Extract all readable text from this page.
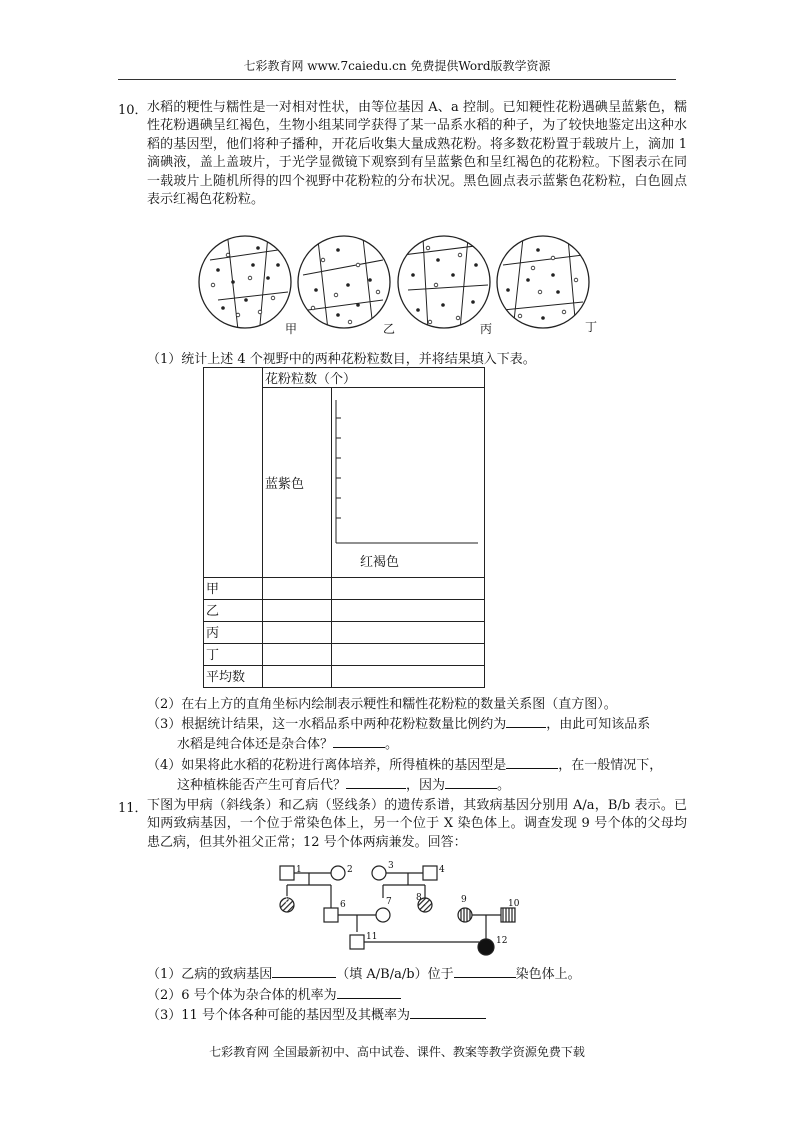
七彩教育网 www.7caiedu.cn 免费提供Word版教学资源
10． 水稻的粳性与糯性是一对相对性状，由等位基因 A、a 控制。已知粳性花粉遇碘呈蓝紫色，糯性花粉遇碘呈红褐色，生物小组某同学获得了某一品系水稻的种子，为了较快地鉴定出这种水稻的基因型，他们将种子播种，开花后收集大量成熟花粉。将多数花粉置于载玻片上，滴加 1 滴碘液，盖上盖玻片，于光学显微镜下观察到有呈蓝紫色和呈红褐色的花粉粒。下图表示在同一载玻片上随机所得的四个视野中花粉粒的分布状况。黑色圆点表示蓝紫色花粉粒，白色圆点表示红褐色花粉粒。
甲	乙	丙	丁
（1）统计上述 4 个视野中的两种花粉粒数目，并将结果填入下表。
	花粉粒数（个）	
	蓝紫色	红褐色

甲		
乙		
丙		
丁		
平均数		
（2）在右上方的直角坐标内绘制表示粳性和糯性花粉粒的数量关系图（直方图）。
（3）根据统计结果，这一水稻品系中两种花粉粒数量比例约为	，由此可知该品系
水稻是纯合体还是杂合体？	。
（4）如果将此水稻的花粉进行离体培养，所得植株的基因型是	，在一般情况下，
这种植株能否产生可育后代？	，因为	。
11． 下图为甲病（斜线条）和乙病（竖线条）的遗传系谱，其致病基因分别用 A/a，B/b 表示。已知两致病基因，一个位于常染色体上，另一个位于 X 染色体上。调查发现 9 号个体的父母均患乙病，但其外祖父正常；12 号个体两病兼发。回答：
1	2	3	4
5	6	7	8	9	10
11	12
（1）乙病的致病基因	（填 A/B/a/b）位于	染色体上。
（2）6 号个体为杂合体的机率为
（3）11 号个体各种可能的基因型及其概率为
七彩教育网 全国最新初中、高中试卷、课件、教案等教学资源免费下载
